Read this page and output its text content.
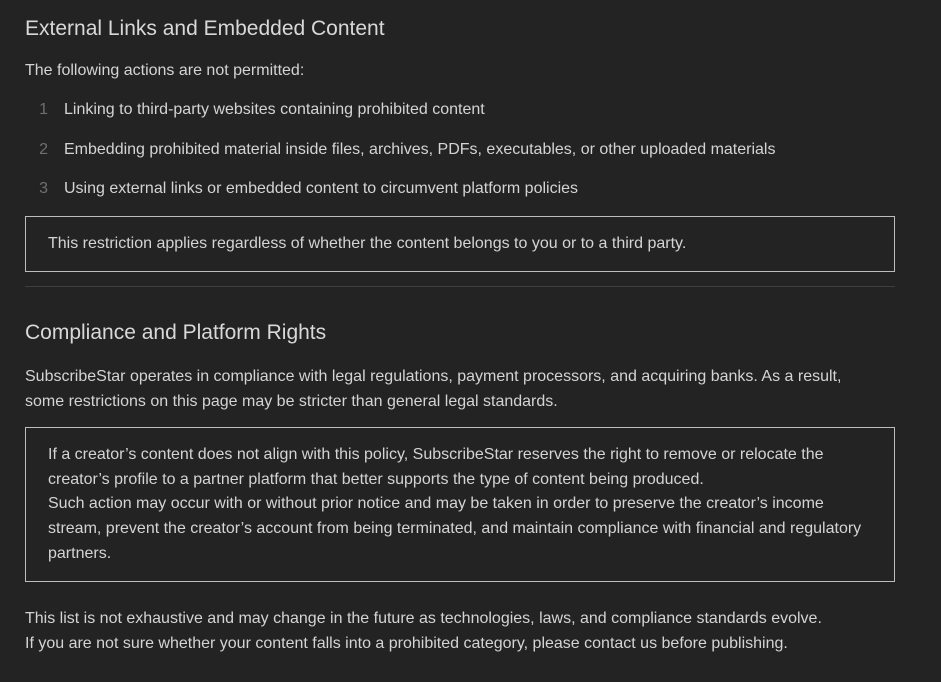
External Links and Embedded Content

The following actions are not permitted:

1 Linking to third-party websites containing prohibited content
2 Embedding prohibited material inside files, archives, PDFs, executables, or other uploaded materials
3 Using external links or embedded content to circumvent platform policies
This restriction applies regardless of whether the content belongs to you or to a third party.
Compliance and Platform Rights

SubscribeStar operates in compliance with legal regulations, payment processors, and acquiring banks. As a result, some restrictions on this page may be stricter than general legal standards.

If a creator’s content does not align with this policy, SubscribeStar reserves the right to remove or relocate the creator’s profile to a partner platform that better supports the type of content being produced.

Such action may occur with or without prior notice and may be taken in order to preserve the creator’s income stream, prevent the creator’s account from being terminated, and maintain compliance with financial and regulatory partners.

This list is not exhaustive and may change in the future as technologies, laws, and compliance standards evolve.
If you are not sure whether your content falls into a prohibited category, please contact us before publishing.
